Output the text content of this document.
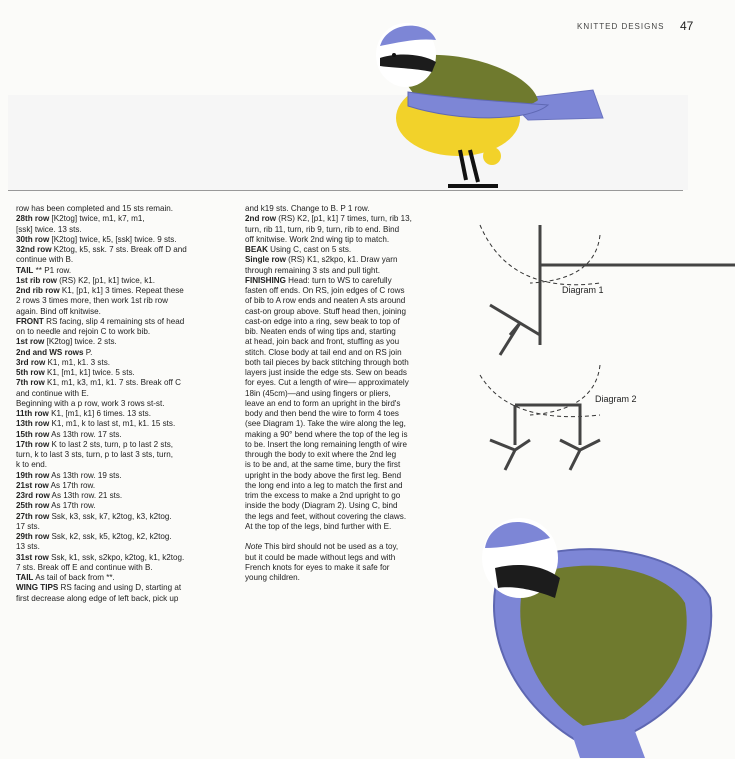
KNITTED DESIGNS 47

row has been completed and 15 sts remain.

28th row [K2tog] twice, m1, k7, m1,

[ssk] twice. 13 sts.

30th row [K2tog] twice, k5, [ssk] twice. 9 sts.

32nd row K2tog, k5, ssk. 7 sts. Break off D and

continue with B.

TAIL ** P1 row.

1st rib row (RS) K2, [p1, k1] twice, k1.

2nd rib row K1, [p1, k1] 3 times. Repeat these

2 rows 3 times more, then work 1st rib row

again. Bind off knitwise.

FRONT RS facing, slip 4 remaining sts of head

on to needle and rejoin C to work bib.

1st row [K2tog] twice. 2 sts.

2nd and WS rows P.

3rd row K1, m1, k1. 3 sts.

5th row K1, [m1, k1] twice. 5 sts.

7th row K1, m1, k3, m1, k1. 7 sts. Break off C

and continue with E.

Beginning with a p row, work 3 rows st-st.

11th row K1, [m1, k1] 6 times. 13 sts.

13th row K1, m1, k to last st, m1, k1. 15 sts.

15th row As 13th row. 17 sts.

17th row K to last 2 sts, turn, p to last 2 sts,

turn, k to last 3 sts, turn, p to last 3 sts, turn,

k to end.

19th row As 13th row. 19 sts.

21st row As 17th row.

23rd row As 13th row. 21 sts.

25th row As 17th row.

27th row Ssk, k3, ssk, k7, k2tog, k3, k2tog.

17 sts.

29th row Ssk, k2, ssk, k5, k2tog, k2, k2tog.

13 sts.

31st row Ssk, k1, ssk, s2kpo, k2tog, k1, k2tog.

7 sts. Break off E and continue with B.

TAIL As tail of back from **.

WING TIPS RS facing and using D, starting at

first decrease along edge of left back, pick up

and k19 sts. Change to B. P 1 row.

2nd row (RS) K2, [p1, k1] 7 times, turn, rib 13,

turn, rib 11, turn, rib 9, turn, rib to end. Bind

off knitwise. Work 2nd wing tip to match.

BEAK Using C, cast on 5 sts.

Single row (RS) K1, s2kpo, k1. Draw yarn

through remaining 3 sts and pull tight.

FINISHING Head: turn to WS to carefully

fasten off ends. On RS, join edges of C rows

of bib to A row ends and neaten A sts around

cast-on group above. Stuff head then, joining

cast-on edge into a ring, sew beak to top of

bib. Neaten ends of wing tips and, starting

at head, join back and front, stuffing as you

stitch. Close body at tail end and on RS join

both tail pieces by back stitching through both

layers just inside the edge sts. Sew on beads

for eyes. Cut a length of wire— approximately

18in (45cm)—and using fingers or pliers,

leave an end to form an upright in the bird's

body and then bend the wire to form 4 toes

(see Diagram 1). Take the wire along the leg,

making a 90° bend where the top of the leg is

to be. Insert the long remaining length of wire

through the body to exit where the 2nd leg

is to be and, at the same time, bury the first

upright in the body above the first leg. Bend

the long end into a leg to match the first and

trim the excess to make a 2nd upright to go

inside the body (Diagram 2). Using C, bind

the legs and feet, without covering the claws.

At the top of the legs, bind further with E.

Note This bird should not be used as a toy,

but it could be made without legs and with

French knots for eyes to make it safe for

young children.

Diagram 1
Diagram 2
